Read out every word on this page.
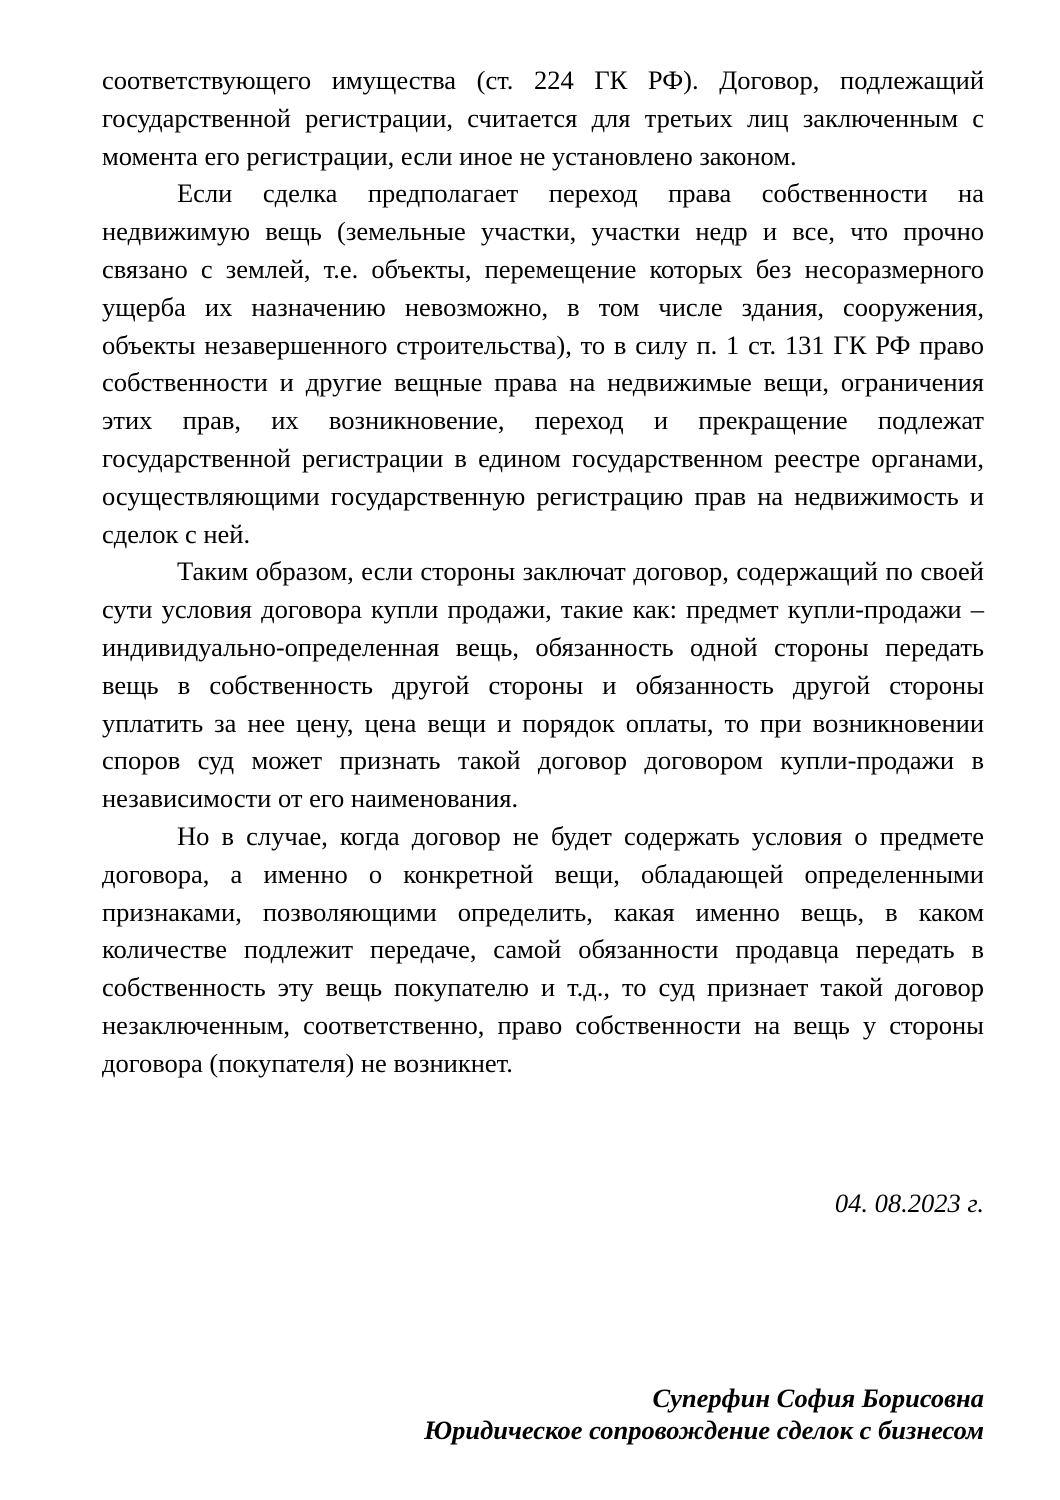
соответствующего имущества (ст. 224 ГК РФ). Договор, подлежащий государственной регистрации, считается для третьих лиц заключенным с момента его регистрации, если иное не установлено законом.

Если сделка предполагает переход права собственности на недвижимую вещь (земельные участки, участки недр и все, что прочно связано с землей, т.е. объекты, перемещение которых без несоразмерного ущерба их назначению невозможно, в том числе здания, сооружения, объекты незавершенного строительства), то в силу п. 1 ст. 131 ГК РФ право собственности и другие вещные права на недвижимые вещи, ограничения этих прав, их возникновение, переход и прекращение подлежат государственной регистрации в едином государственном реестре органами, осуществляющими государственную регистрацию прав на недвижимость и сделок с ней.

Таким образом, если стороны заключат договор, содержащий по своей сути условия договора купли продажи, такие как: предмет купли-продажи – индивидуально-определенная вещь, обязанность одной стороны передать вещь в собственность другой стороны и обязанность другой стороны уплатить за нее цену, цена вещи и порядок оплаты, то при возникновении споров суд может признать такой договор договором купли-продажи в независимости от его наименования.

Но в случае, когда договор не будет содержать условия о предмете договора, а именно о конкретной вещи, обладающей определенными признаками, позволяющими определить, какая именно вещь, в каком количестве подлежит передаче, самой обязанности продавца передать в собственность эту вещь покупателю и т.д., то суд признает такой договор незаключенным, соответственно, право собственности на вещь у стороны договора (покупателя) не возникнет.

04. 08.2023 г.
Суперфин София Борисовна
Юридическое сопровождение сделок с бизнесом
